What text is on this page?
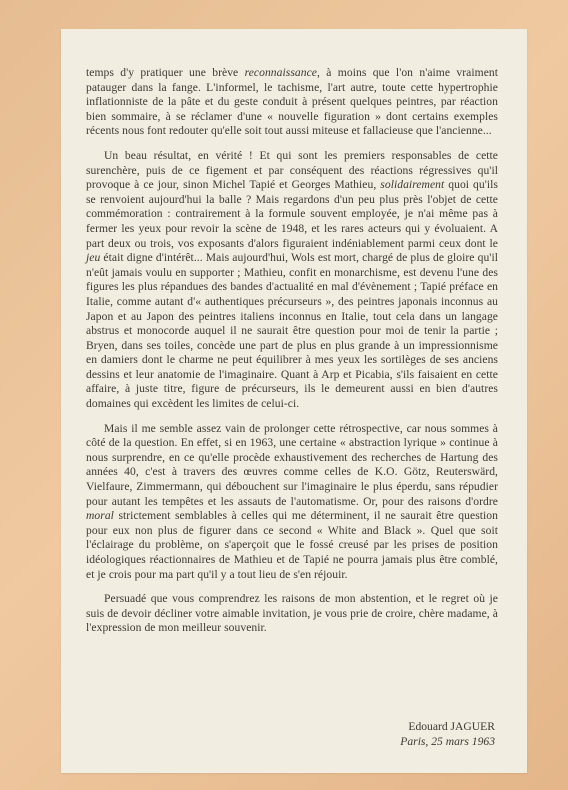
temps d'y pratiquer une brève reconnaissance, à moins que l'on n'aime vraiment patauger dans la fange. L'informel, le tachisme, l'art autre, toute cette hypertrophie inflationniste de la pâte et du geste conduit à présent quelques peintres, par réaction bien sommaire, à se réclamer d'une « nouvelle figuration » dont certains exemples récents nous font redouter qu'elle soit tout aussi miteuse et fallacieuse que l'ancienne...

Un beau résultat, en vérité ! Et qui sont les premiers responsables de cette surenchère, puis de ce figement et par conséquent des réactions régressives qu'il provoque à ce jour, sinon Michel Tapié et Georges Mathieu, solidairement quoi qu'ils se renvoient aujourd'hui la balle ? Mais regardons d'un peu plus près l'objet de cette commémoration : contrairement à la formule souvent employée, je n'ai même pas à fermer les yeux pour revoir la scène de 1948, et les rares acteurs qui y évoluaient. A part deux ou trois, vos exposants d'alors figuraient indéniablement parmi ceux dont le jeu était digne d'intérêt... Mais aujourd'hui, Wols est mort, chargé de plus de gloire qu'il n'eût jamais voulu en supporter ; Mathieu, confit en monarchisme, est devenu l'une des figures les plus répandues des bandes d'actualité en mal d'évènement ; Tapié préface en Italie, comme autant d'« authentiques précurseurs », des peintres japonais inconnus au Japon et au Japon des peintres italiens inconnus en Italie, tout cela dans un langage abstrus et monocorde auquel il ne saurait être question pour moi de tenir la partie ; Bryen, dans ses toiles, concède une part de plus en plus grande à un impressionnisme en damiers dont le charme ne peut équilibrer à mes yeux les sortilèges de ses anciens dessins et leur anatomie de l'imaginaire. Quant à Arp et Picabia, s'ils faisaient en cette affaire, à juste titre, figure de précurseurs, ils le demeurent aussi en bien d'autres domaines qui excèdent les limites de celui-ci.

Mais il me semble assez vain de prolonger cette rétrospective, car nous sommes à côté de la question. En effet, si en 1963, une certaine « abstraction lyrique » continue à nous surprendre, en ce qu'elle procède exhaustivement des recherches de Hartung des années 40, c'est à travers des œuvres comme celles de K.O. Götz, Reuterswärd, Vielfaure, Zimmermann, qui débouchent sur l'imaginaire le plus éperdu, sans répudier pour autant les tempêtes et les assauts de l'automatisme. Or, pour des raisons d'ordre moral strictement semblables à celles qui me déterminent, il ne saurait être question pour eux non plus de figurer dans ce second « White and Black ». Quel que soit l'éclairage du problème, on s'aperçoit que le fossé creusé par les prises de position idéologiques réactionnaires de Mathieu et de Tapié ne pourra jamais plus être comblé, et je crois pour ma part qu'il y a tout lieu de s'en réjouir.

Persuadé que vous comprendrez les raisons de mon abstention, et le regret où je suis de devoir décliner votre aimable invitation, je vous prie de croire, chère madame, à l'expression de mon meilleur souvenir.

Edouard JAGUER
Paris, 25 mars 1963
